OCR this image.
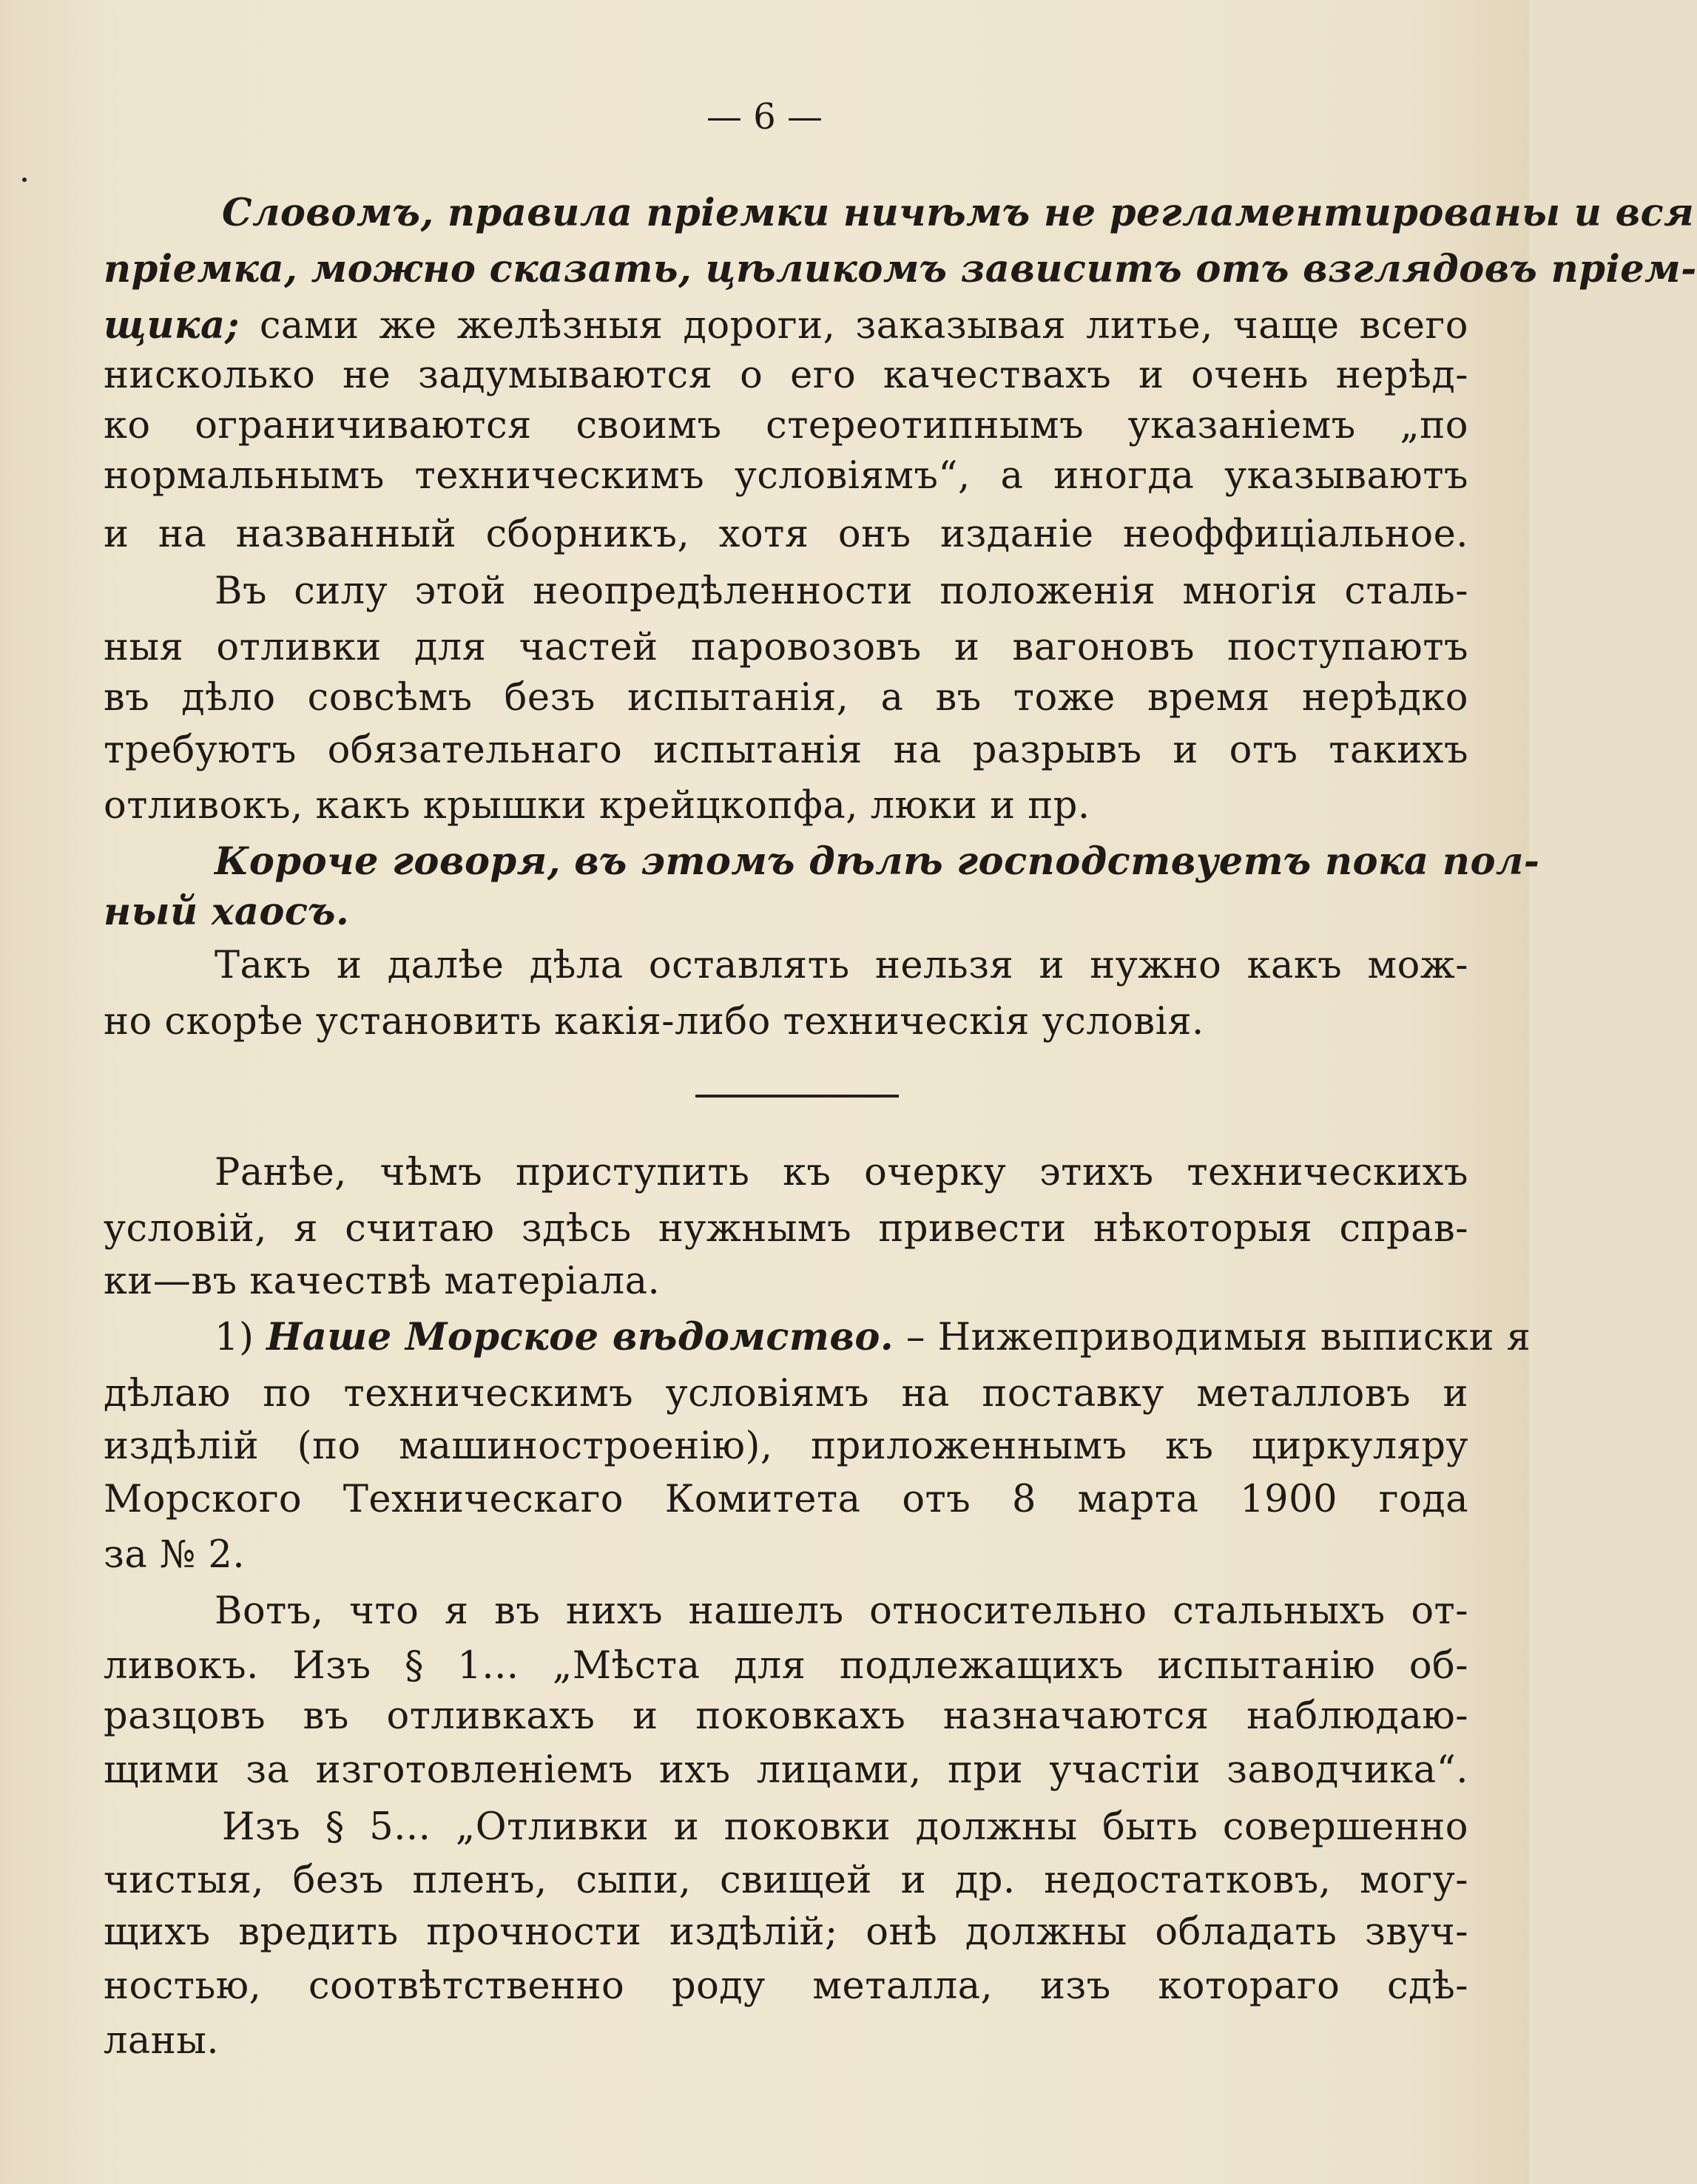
— 6 —
Словомъ, правила прiемки ничѣмъ не регламентированы и вся
прiемка, можно сказать, цѣликомъ зависитъ отъ взглядовъ прiем-
щика; сами же желѣзныя дороги, заказывая литье, чаще всего
нисколько не задумываются о его качествахъ и очень нерѣд-
ко ограничиваются своимъ стереотипнымъ указанiемъ „по
нормальнымъ техническимъ условiямъ“, а иногда указываютъ
и на названный сборникъ, хотя онъ изданiе неоффицiальное.
Въ силу этой неопредѣленности положенiя многiя сталь-
ныя отливки для частей паровозовъ и вагоновъ поступаютъ
въ дѣло совсѣмъ безъ испытанiя, а въ тоже время нерѣдко
требуютъ обязательнаго испытанiя на разрывъ и отъ такихъ
отливокъ, какъ крышки крейцкопфа, люки и пр.
Короче говоря, въ этомъ дѣлѣ господствуетъ пока пол-
ный хаосъ.
Такъ и далѣе дѣла оставлять нельзя и нужно какъ мож-
но скорѣе установить какiя-либо техническiя условiя.
Ранѣе, чѣмъ приступить къ очерку этихъ техническихъ
условiй, я считаю здѣсь нужнымъ привести нѣкоторыя справ-
ки—въ качествѣ матерiала.
1) Наше Морское вѣдомство. – Нижеприводимыя выписки я
дѣлаю по техническимъ условiямъ на поставку металловъ и
издѣлiй (по машиностроенiю), приложеннымъ къ циркуляру
Морского Техническаго Комитета отъ 8 марта 1900 года
за № 2.
Вотъ, что я въ нихъ нашелъ относительно стальныхъ от-
ливокъ. Изъ § 1... „Мѣста для подлежащихъ испытанiю об-
разцовъ въ отливкахъ и поковкахъ назначаются наблюдаю-
щими за изготовленiемъ ихъ лицами, при участiи заводчика“.
Изъ § 5... „Отливки и поковки должны быть совершенно
чистыя, безъ пленъ, сыпи, свищей и др. недостатковъ, могу-
щихъ вредить прочности издѣлiй; онѣ должны обладать звуч-
ностью, соотвѣтственно роду металла, изъ котораго сдѣ-
ланы.
